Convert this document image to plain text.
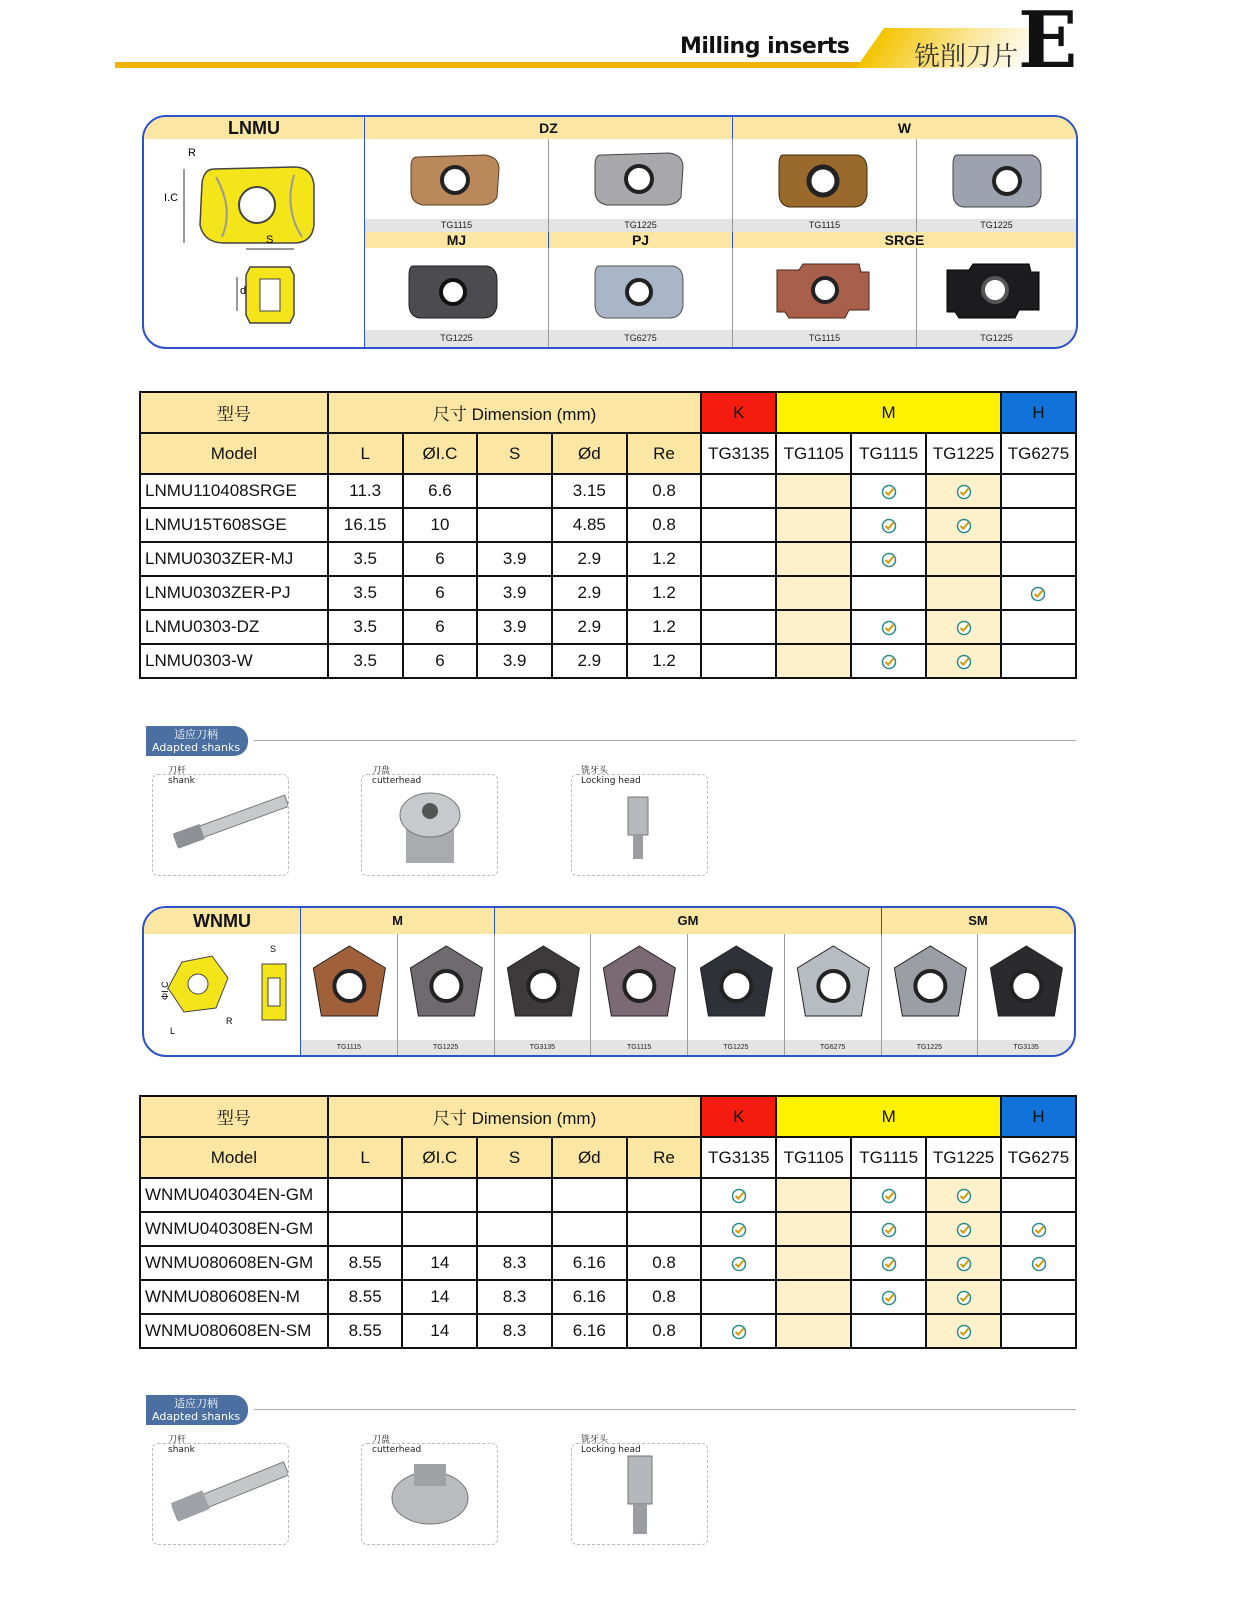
Milling inserts 铣削刀片 E
LNMU	DZ	W
R
I.C
S
d
TG1115	TG1225	TG1115	TG1225
MJ	PJ	SRGE
TG1225	TG6275	TG1115	TG1225
型号	尺寸 Dimension (mm)					K	M			H
Model	L	ØI.C	S	Ød	Re	TG3135	TG1105	TG1115	TG1225	TG6275
LNMU110408SRGE	11.3	6.6		3.15	0.8					
LNMU15T608SGE	16.15	10		4.85	0.8					
LNMU0303ZER-MJ	3.5	6	3.9	2.9	1.2					
LNMU0303ZER-PJ	3.5	6	3.9	2.9	1.2					
LNMU0303-DZ	3.5	6	3.9	2.9	1.2					
LNMU0303-W	3.5	6	3.9	2.9	1.2					
适应刀柄
Adapted shanks
刀杆
shank
刀盘
cutterhead
铣牙头
Locking head
WNMU	M	GM	SM
S
ΦI.C
L
R
TG1115	TG1225	TG3135	TG1115	TG1225	TG6275	TG1225	TG3135
型号	尺寸 Dimension (mm)					K	M			H
Model	L	ØI.C	S	Ød	Re	TG3135	TG1105	TG1115	TG1225	TG6275
WNMU040304EN-GM										
WNMU040308EN-GM										
WNMU080608EN-GM	8.55	14	8.3	6.16	0.8					
WNMU080608EN-M	8.55	14	8.3	6.16	0.8					
WNMU080608EN-SM	8.55	14	8.3	6.16	0.8					
适应刀柄
Adapted shanks
刀杆
shank
刀盘
cutterhead
铣牙头
Locking head
